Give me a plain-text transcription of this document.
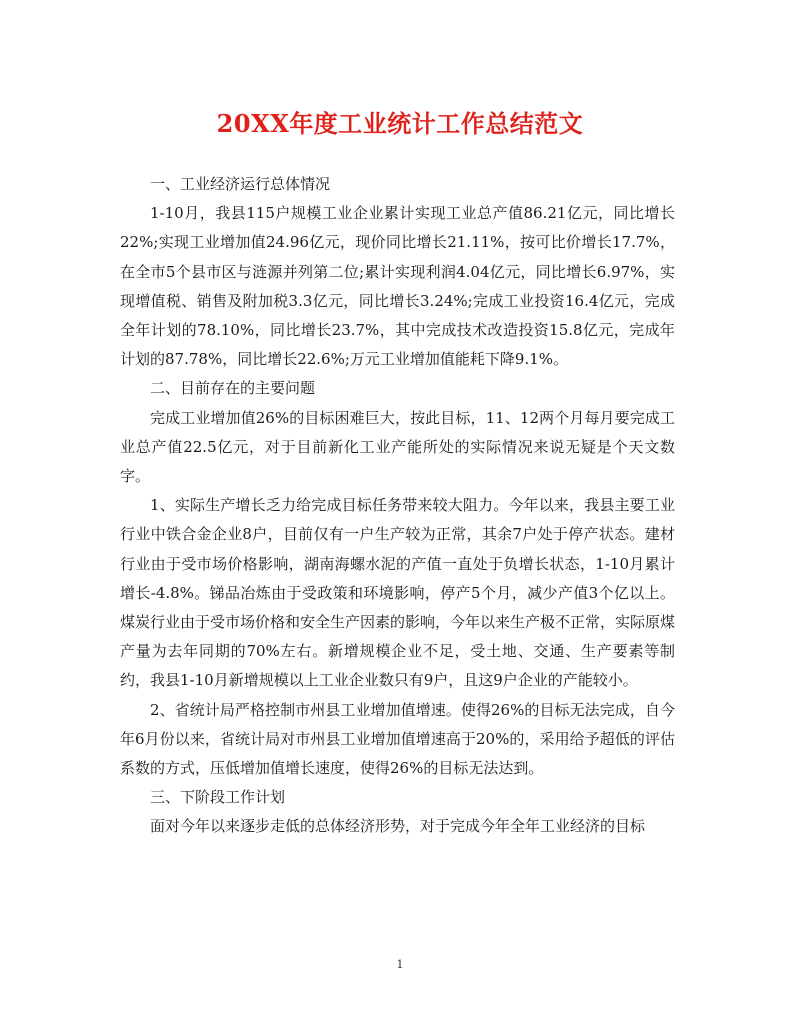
20XX年度工业统计工作总结范文

一、工业经济运行总体情况

1-10月，我县115户规模工业企业累计实现工业总产值86.21亿元，同比增长22%;实现工业增加值24.96亿元，现价同比增长21.11%，按可比价增长17.7%，在全市5个县市区与涟源并列第二位;累计实现利润4.04亿元，同比增长6.97%，实现增值税、销售及附加税3.3亿元，同比增长3.24%;完成工业投资16.4亿元，完成全年计划的78.10%，同比增长23.7%，其中完成技术改造投资15.8亿元，完成年计划的87.78%，同比增长22.6%;万元工业增加值能耗下降9.1%。

二、目前存在的主要问题

完成工业增加值26%的目标困难巨大，按此目标，11、12两个月每月要完成工业总产值22.5亿元，对于目前新化工业产能所处的实际情况来说无疑是个天文数字。

1、实际生产增长乏力给完成目标任务带来较大阻力。今年以来，我县主要工业行业中铁合金企业8户，目前仅有一户生产较为正常，其余7户处于停产状态。建材行业由于受市场价格影响，湖南海螺水泥的产值一直处于负增长状态，1-10月累计增长-4.8%。锑品冶炼由于受政策和环境影响，停产5个月，减少产值3个亿以上。煤炭行业由于受市场价格和安全生产因素的影响，今年以来生产极不正常，实际原煤产量为去年同期的70%左右。新增规模企业不足，受土地、交通、生产要素等制约，我县1-10月新增规模以上工业企业数只有9户，且这9户企业的产能较小。

2、省统计局严格控制市州县工业增加值增速。使得26%的目标无法完成，自今年6月份以来，省统计局对市州县工业增加值增速高于20%的，采用给予超低的评估系数的方式，压低增加值增长速度，使得26%的目标无法达到。

三、下阶段工作计划

面对今年以来逐步走低的总体经济形势，对于完成今年全年工业经济的目标

1
